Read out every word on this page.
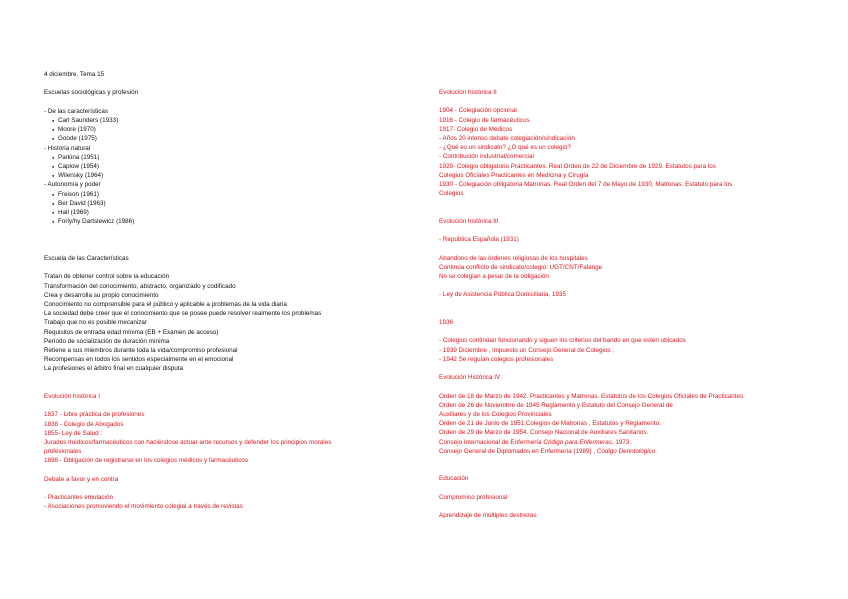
4 diciembre. Tema 15
Escuelas sociológicas y profesión
- De las características
● Carl Saunders (1933)
● Moore (1970)
● Goode (1975)
- Historia natural
● Parkina (1951)
● Caplow (1954)
● Wilensky (1964)
- Autonomía y poder
● Freison (1961)
● Ber David (1963)
● Hall (1969)
● Forly/hy Dartslewicz (1986)
Escuela de las Características
Tratan de obtener control sobre la educación
Transformación del conocimiento, abstracto, organizado y codificado
Crea y desarrolla su propio conocimiento
Conocimiento no comprensible para el público y aplicable a problemas de la vida diaria
La sociedad debe creer que el conocimiento que se posee puede resolver realmente los problemas
Trabajo que no es posible mecanizar
Requisitos de entrada edad mínima (EB + Examen de acceso)
Período de socialización de duración mínima
Retiene a sus miembros durante toda la vida/compromiso profesional
Recompensas en todos los sentidos especialmente en el emocional
La profesiones el árbitro final en cualquier disputa
Evolución histórica I
1837 - Libre práctica de profesiones
1838 - Colegio de Abogados
1855- Ley de Salud :
Jurados médicos/farmacéuticos con haciéndose actuar ante recursos y defender los principios morales
profesionales
1898 - Obligación de registrarse en los colegios médicos y farmacéuticos
Debate a favor y en contra
- Practicantes emulación
- Asociaciones promoviendo el movimiento colegial a través de revistas
Evolución histórica II
1904 - Colegiación opcional
1916 - Colegio de farmacéuticos
1917- Colegio de Médicos
- Años 20 intenso debate colegiación/sindicación
- ¿Qué es un sindicato? ¿O qué es un colegio?
- Contribución industrial/comercial
1929- Colegio obligatorio Practicantes. Real Orden de 22 de Diciembre de 1929. Estatutos para los
Colegios Oficiales Practicantes en Medicina y Cirugía
1930 - Colegiación obligatoria Matronas. Real Orden del 7 de Mayo de 1930, Matronas. Estatuto para los
Colegios
Evolución histórica III
- República Española (1931)
Abandono de las órdenes religiosas de los hospitales
Continúa conflicto de sindicato/colegio: UGT/CNT/Falange
No se colegian a pesar de la obligación
- Ley de Asistencia Pública Domiciliaria, 1935
1936
- Colegios continúan funcionando y siguen los criterios del bando en que estén ubicados
- 1939 Diciembre , impuesto un Consejo General de Colegios ,
- 1942 Se regulan colegios profesionales
Evolución Histórica IV
Orden de 18 de Marzo de 1942. Practicantes y Matronas. Estatutos de los Colegios Oficiales de Practicantes.
Orden de 26 de Noviembre de 1945 Reglamento y Estatuto del Consejo General de
Auxiliares y de los Colegios Provinciales
Orden de 21 de Junio de 1951,Colegios de Matronas , Estatutos y Reglamento.
Orden de 29 de Marzo de 1954. Consejo Nacional de Auxiliares Sanitarios.
Consejo Internacional de Enfermería Código para Enfermeras, 1973.
Consejo General de Diplomados en Enfermería (1989) , Código Deontológico.
Educación
Compromiso profesional
Aprendizaje de múltiples destrezas
